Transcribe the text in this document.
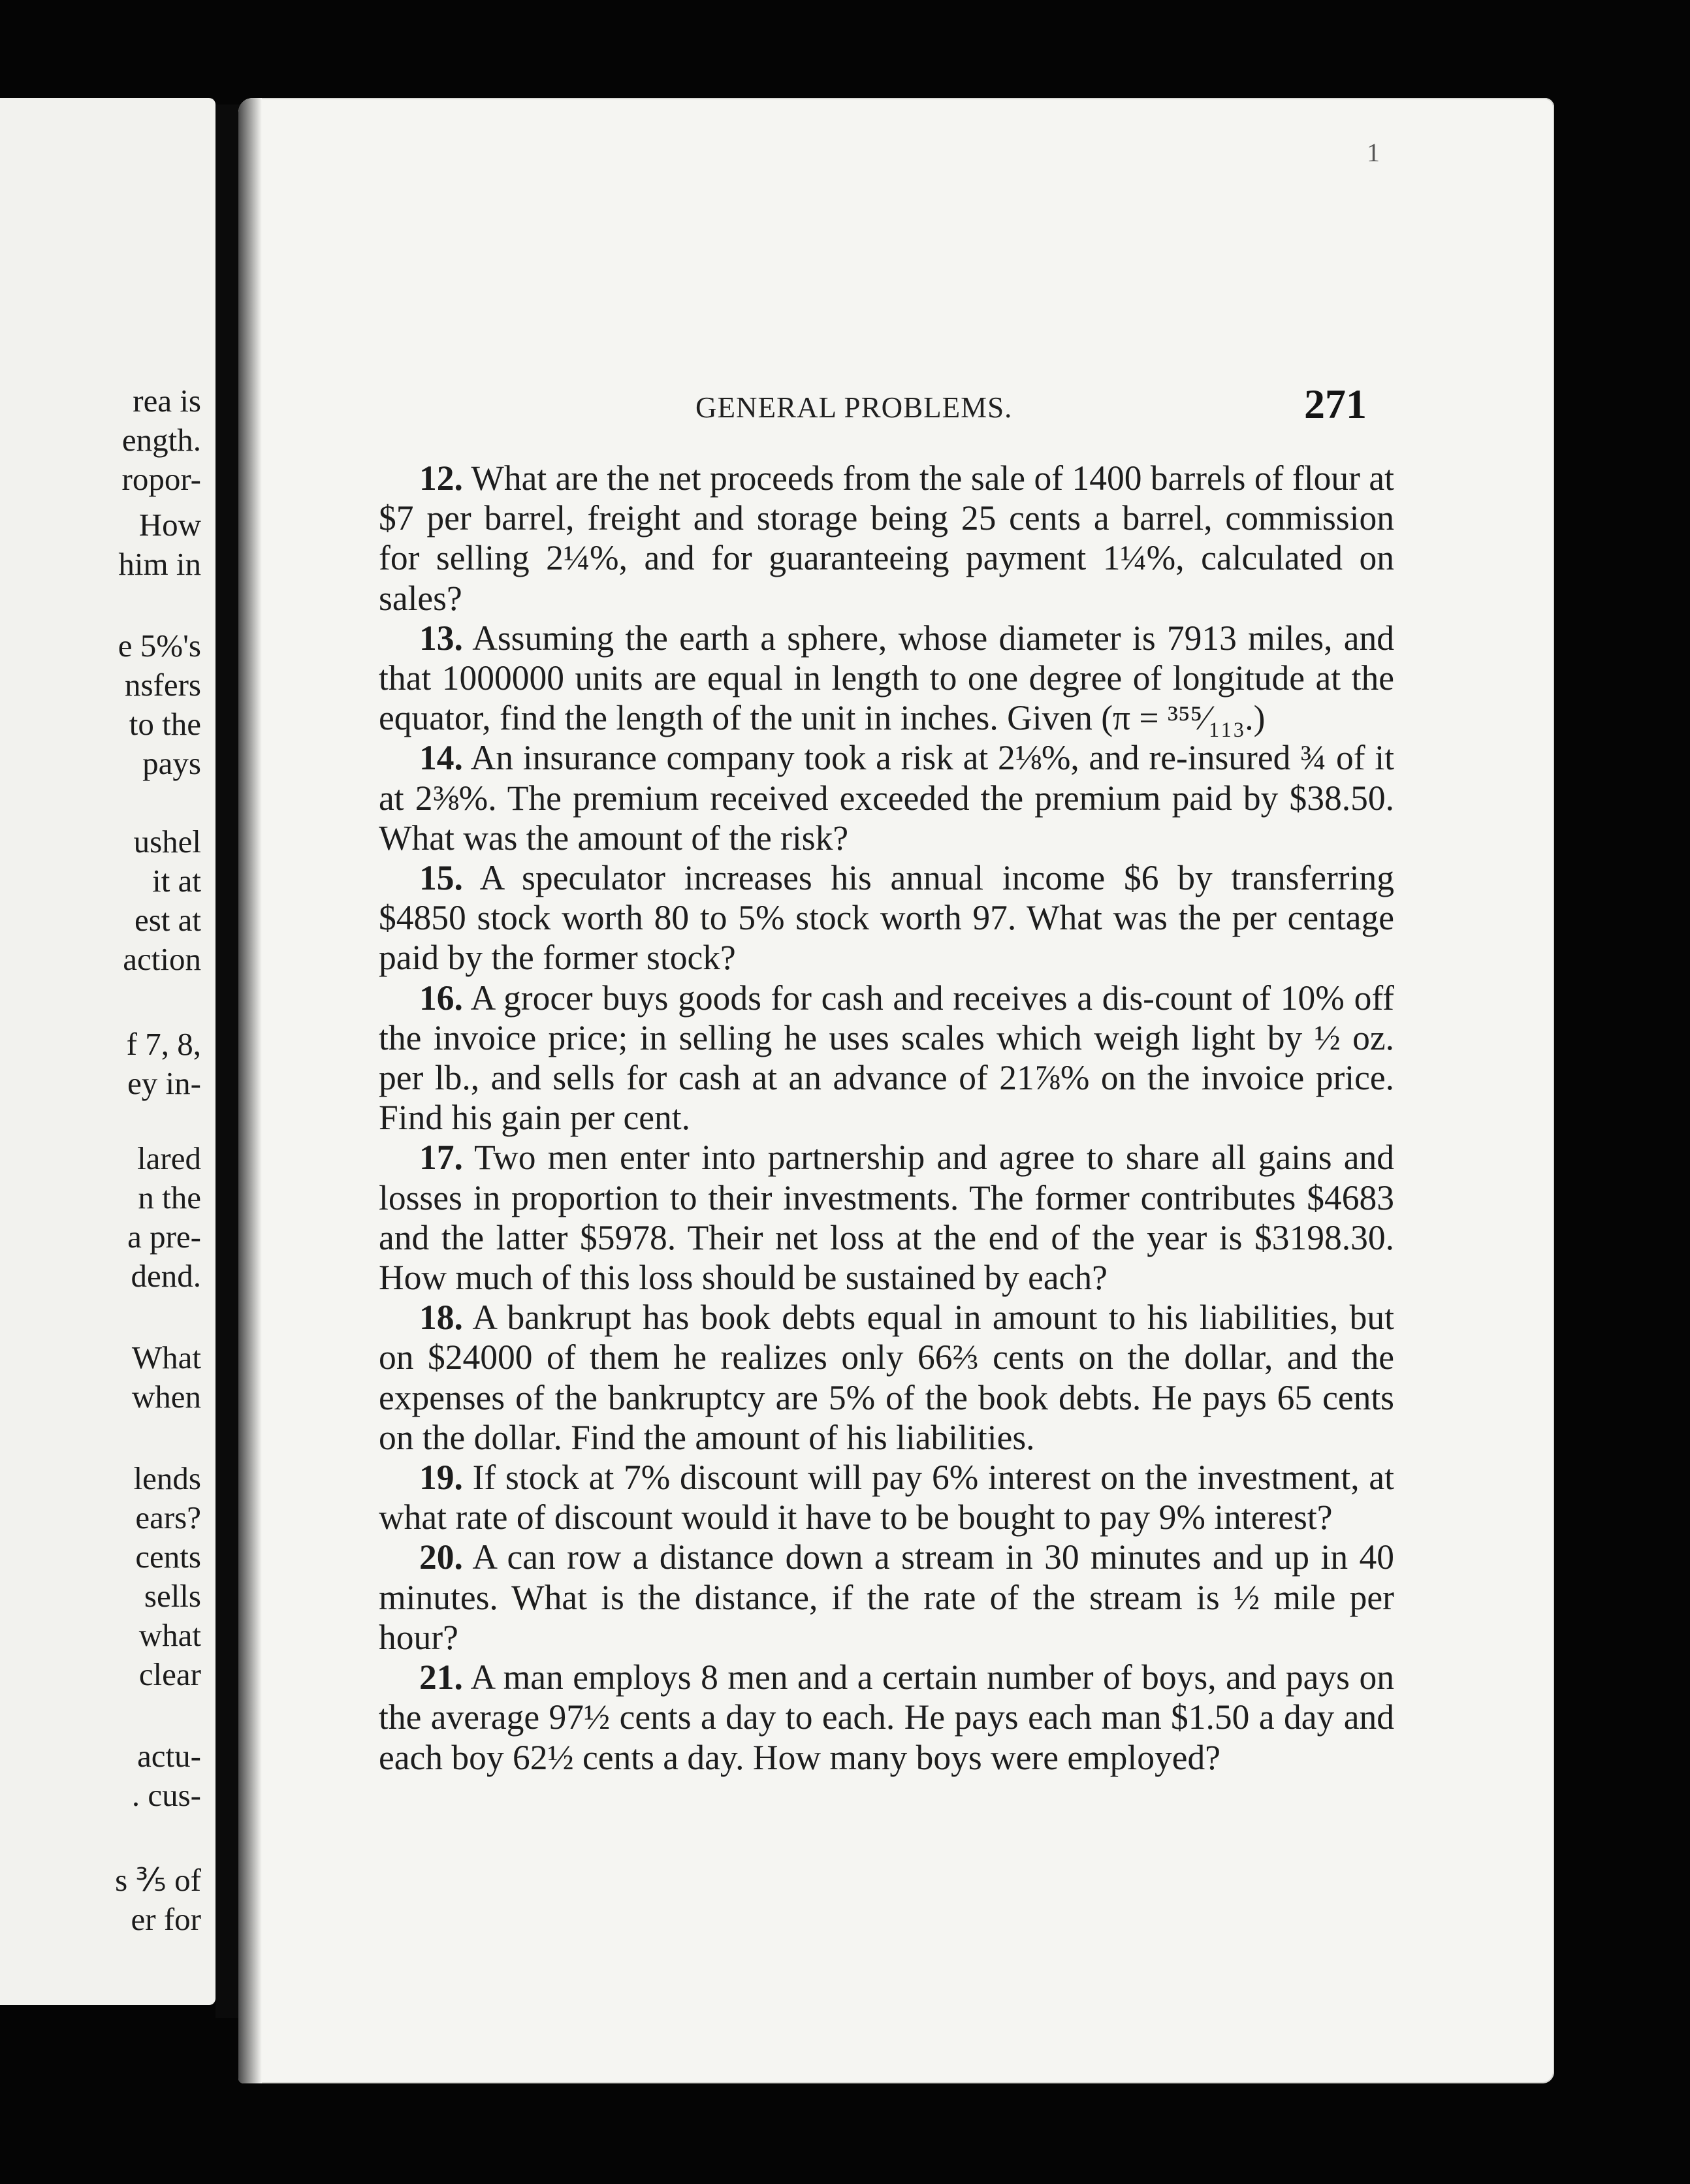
rea is
ength.
ropor-
How
him in
e 5%'s
nsfers
to the
pays
ushel
it at
est at
action
f 7, 8,
ey in-
lared
n the
a pre-
dend.
What
when
lends
ears?
cents
sells
what
clear
actu-
. cus-
s ⅗ of
er for
1
GENERAL PROBLEMS.	271

12. What are the net proceeds from the sale of 1400 barrels of flour at $7 per barrel, freight and storage being 25 cents a barrel, commission for selling 2¼%, and for guaranteeing payment 1¼%, calculated on sales?

13. Assuming the earth a sphere, whose diameter is 7913 miles, and that 1000000 units are equal in length to one degree of longitude at the equator, find the length of the unit in inches. Given (π = ³⁵⁵⁄₁₁₃.)

14. An insurance company took a risk at 2⅛%, and re-insured ¾ of it at 2⅜%. The premium received exceeded the premium paid by $38.50. What was the amount of the risk?

15. A speculator increases his annual income $6 by transferring $4850 stock worth 80 to 5% stock worth 97. What was the per centage paid by the former stock?

16. A grocer buys goods for cash and receives a dis-count of 10% off the invoice price; in selling he uses scales which weigh light by ½ oz. per lb., and sells for cash at an advance of 21⅞% on the invoice price. Find his gain per cent.

17. Two men enter into partnership and agree to share all gains and losses in proportion to their investments. The former contributes $4683 and the latter $5978. Their net loss at the end of the year is $3198.30. How much of this loss should be sustained by each?

18. A bankrupt has book debts equal in amount to his liabilities, but on $24000 of them he realizes only 66⅔ cents on the dollar, and the expenses of the bankruptcy are 5% of the book debts. He pays 65 cents on the dollar. Find the amount of his liabilities.

19. If stock at 7% discount will pay 6% interest on the investment, at what rate of discount would it have to be bought to pay 9% interest?

20. A can row a distance down a stream in 30 minutes and up in 40 minutes. What is the distance, if the rate of the stream is ½ mile per hour?

21. A man employs 8 men and a certain number of boys, and pays on the average 97½ cents a day to each. He pays each man $1.50 a day and each boy 62½ cents a day. How many boys were employed?
